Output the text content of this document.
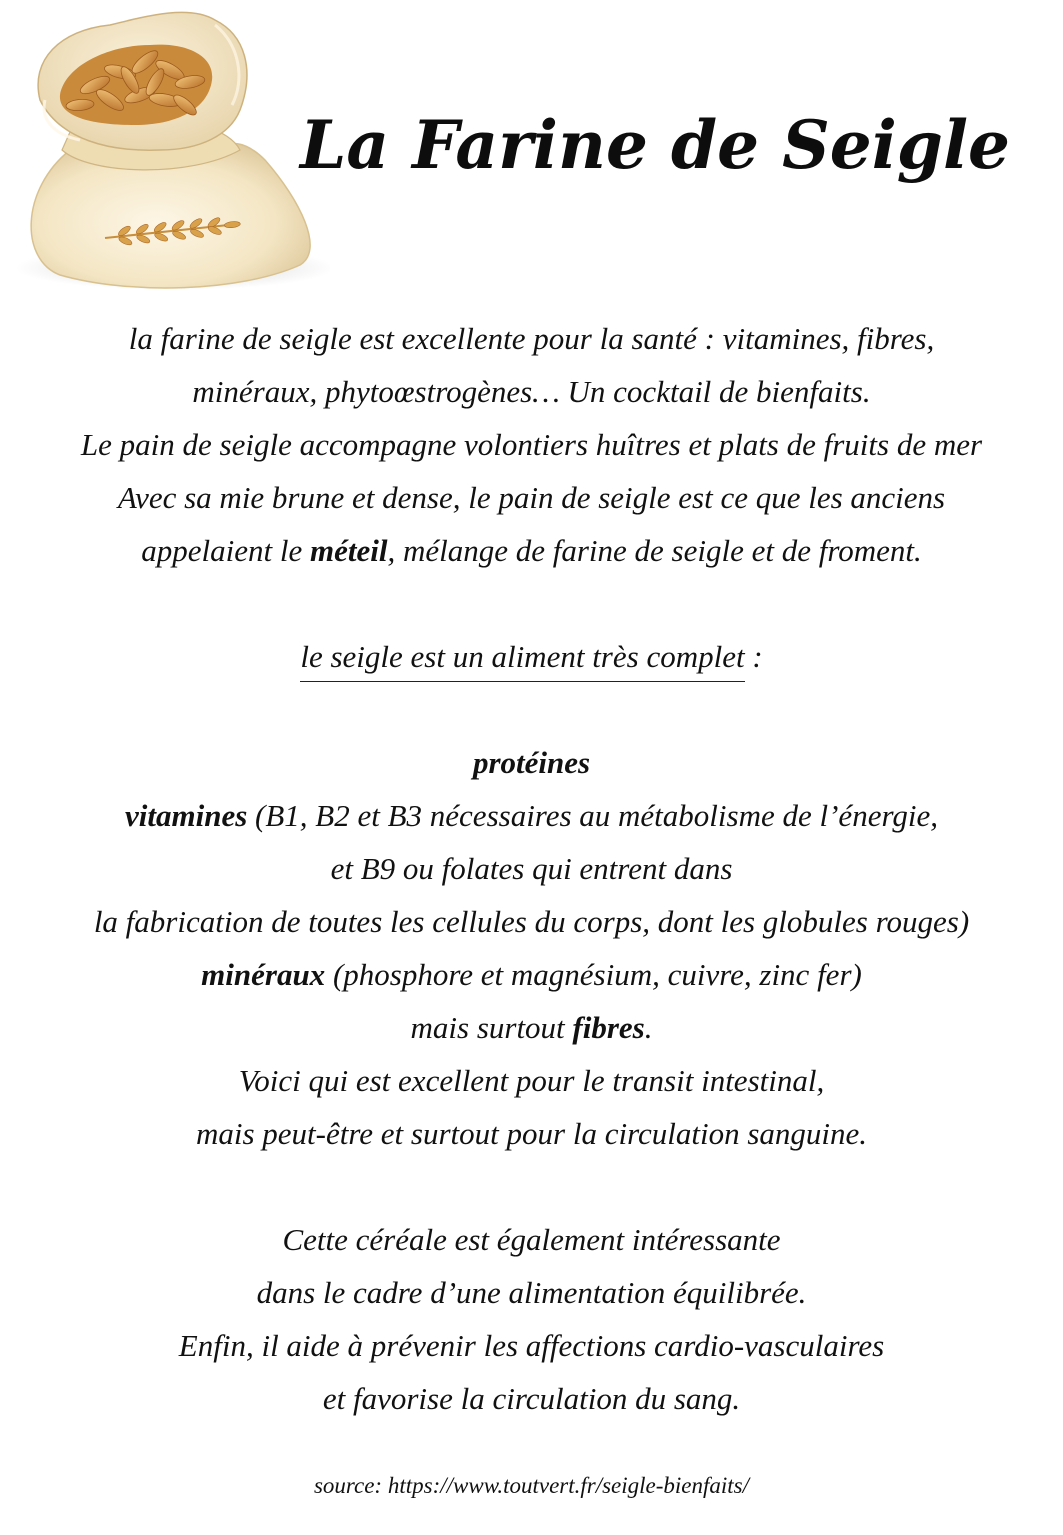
La Farine de Seigle
la farine de seigle est excellente pour la santé : vitamines, fibres,
minéraux, phytoœstrogènes… Un cocktail de bienfaits.
Le pain de seigle accompagne volontiers huîtres et plats de fruits de mer
Avec sa mie brune et dense, le pain de seigle est ce que les anciens
appelaient le méteil, mélange de farine de seigle et de froment.
le seigle est un aliment très complet :
protéines
vitamines (B1, B2 et B3 nécessaires au métabolisme de l’énergie,
et B9 ou folates qui entrent dans
la fabrication de toutes les cellules du corps, dont les globules rouges)
minéraux (phosphore et magnésium, cuivre, zinc fer)
mais surtout fibres.
Voici qui est excellent pour le transit intestinal,
mais peut-être et surtout pour la circulation sanguine.
Cette céréale est également intéressante
dans le cadre d’une alimentation équilibrée.
Enfin, il aide à prévenir les affections cardio-vasculaires
et favorise la circulation du sang.
source: https://www.toutvert.fr/seigle-bienfaits/
